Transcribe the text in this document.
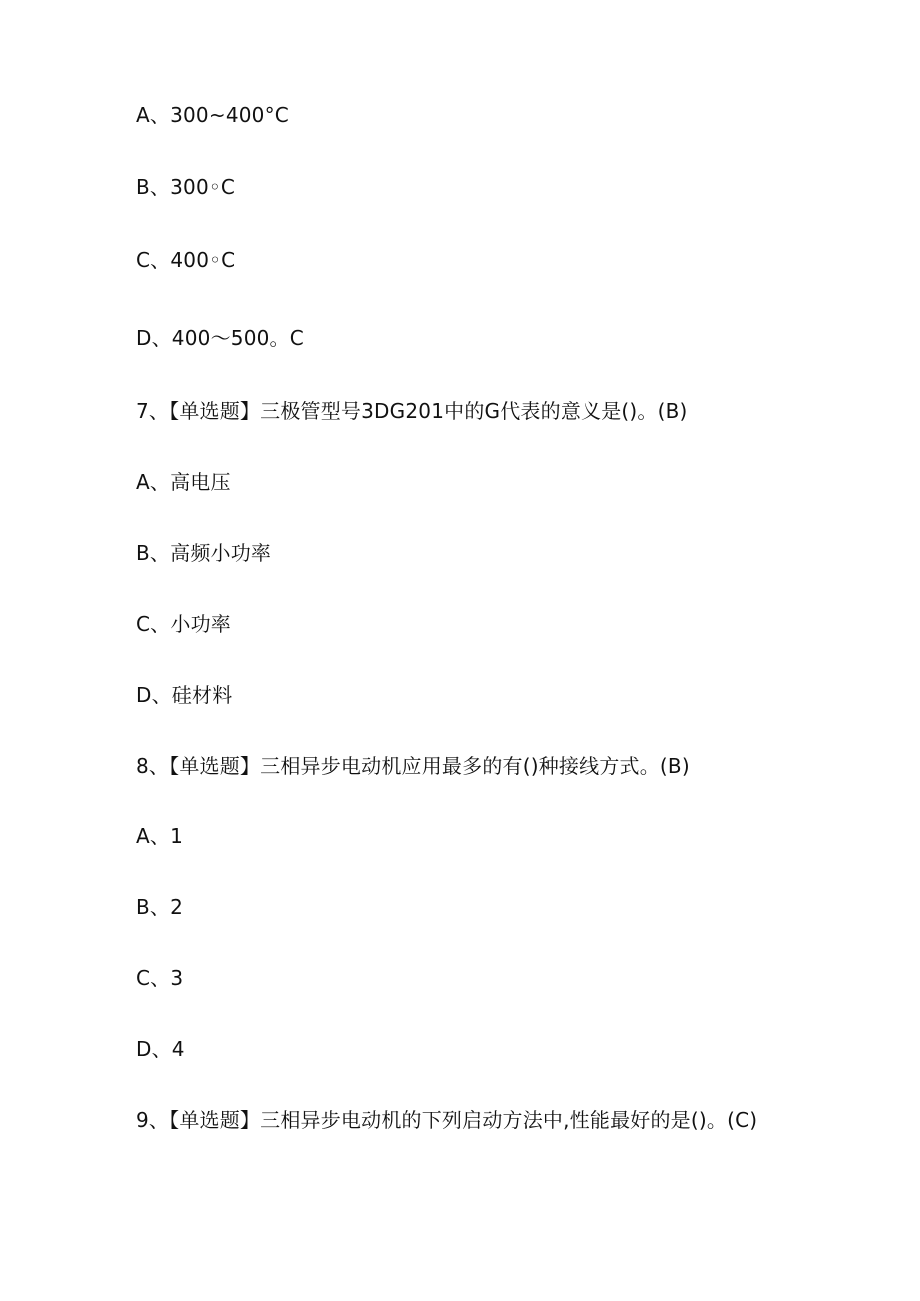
A、300~400°C
B、300◦C
C、400◦C
D、400～500。C
7、【单选题】三极管型号3DG201中的G代表的意义是()。(B)
A、高电压
B、高频小功率
C、小功率
D、硅材料
8、【单选题】三相异步电动机应用最多的有()种接线方式。(B)
A、1
B、2
C、3
D、4
9、【单选题】三相异步电动机的下列启动方法中,性能最好的是()。(C)
